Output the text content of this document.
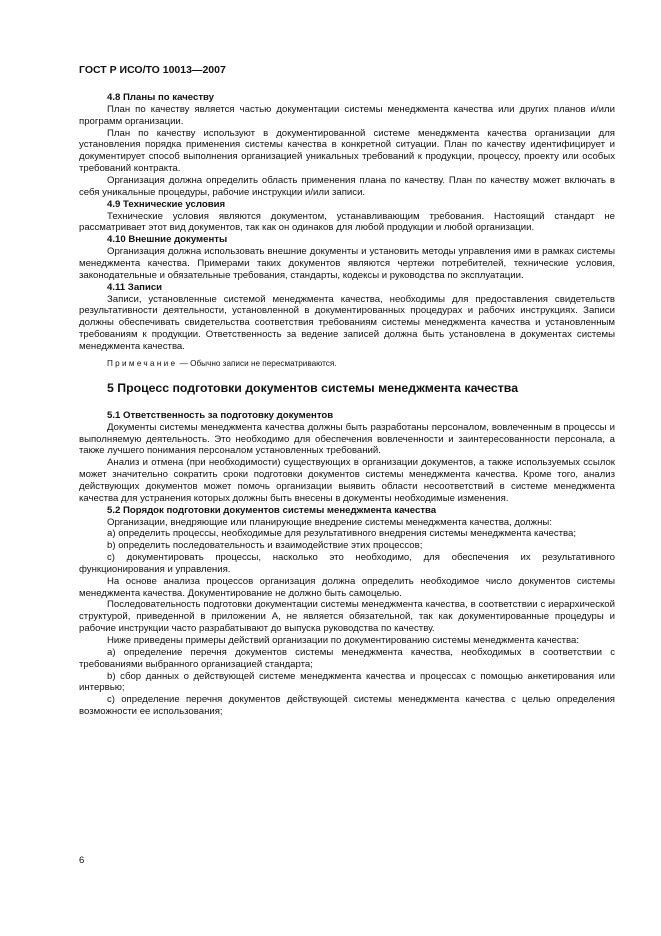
ГОСТ Р ИСО/ТО 10013—2007
4.8 Планы по качеству

План по качеству является частью документации системы менеджмента качества или других планов и/или программ организации.

План по качеству используют в документированной системе менеджмента качества организации для установления порядка применения системы качества в конкретной ситуации. План по качеству идентифицирует и документирует способ выполнения организацией уникальных требований к продукции, процессу, проекту или особых требований контракта.

Организация должна определить область применения плана по качеству. План по качеству может включать в себя уникальные процедуры, рабочие инструкции и/или записи.

4.9 Технические условия

Технические условия являются документом, устанавливающим требования. Настоящий стандарт не рассматривает этот вид документов, так как он одинаков для любой продукции и любой организации.

4.10 Внешние документы

Организация должна использовать внешние документы и установить методы управления ими в рамках системы менеджмента качества. Примерами таких документов являются чертежи потребителей, технические условия, законодательные и обязательные требования, стандарты, кодексы и руководства по эксплуатации.

4.11 Записи

Записи, установленные системой менеджмента качества, необходимы для предоставления свидетельств результативности деятельности, установленной в документированных процедурах и рабочих инструкциях. Записи должны обеспечивать свидетельства соответствия требованиям системы менеджмента качества и установленным требованиям к продукции. Ответственность за ведение записей должна быть установлена в документах системы менеджмента качества.

Примечание — Обычно записи не пересматриваются.
5 Процесс подготовки документов системы менеджмента качества
5.1 Ответственность за подготовку документов

Документы системы менеджмента качества должны быть разработаны персоналом, вовлеченным в процессы и выполняемую деятельность. Это необходимо для обеспечения вовлеченности и заинтересованности персонала, а также лучшего понимания персоналом установленных требований.

Анализ и отмена (при необходимости) существующих в организации документов, а также используемых ссылок может значительно сократить сроки подготовки документов системы менеджмента качества. Кроме того, анализ действующих документов может помочь организации выявить области несоответствий в системе менеджмента качества для устранения которых должны быть внесены в документы необходимые изменения.

5.2 Порядок подготовки документов системы менеджмента качества

Организации, внедряющие или планирующие внедрение системы менеджмента качества, должны:

а) определить процессы, необходимые для результативного внедрения системы менеджмента качества;

b) определить последовательность и взаимодействие этих процессов;

с) документировать процессы, насколько это необходимо, для обеспечения их результативного функционирования и управления.

На основе анализа процессов организация должна определить необходимое число документов системы менеджмента качества. Документирование не должно быть самоцелью.

Последовательность подготовки документации системы менеджмента качества, в соответствии с иерархической структурой, приведенной в приложении А, не является обязательной, так как документированные процедуры и рабочие инструкции часто разрабатывают до выпуска руководства по качеству.

Ниже приведены примеры действий организации по документированию системы менеджмента качества:

а) определение перечня документов системы менеджмента качества, необходимых в соответствии с требованиями выбранного организацией стандарта;

b) сбор данных о действующей системе менеджмента качества и процессах с помощью анкетирования или интервью;

с) определение перечня документов действующей системы менеджмента качества с целью определения возможности ее использования;

6
